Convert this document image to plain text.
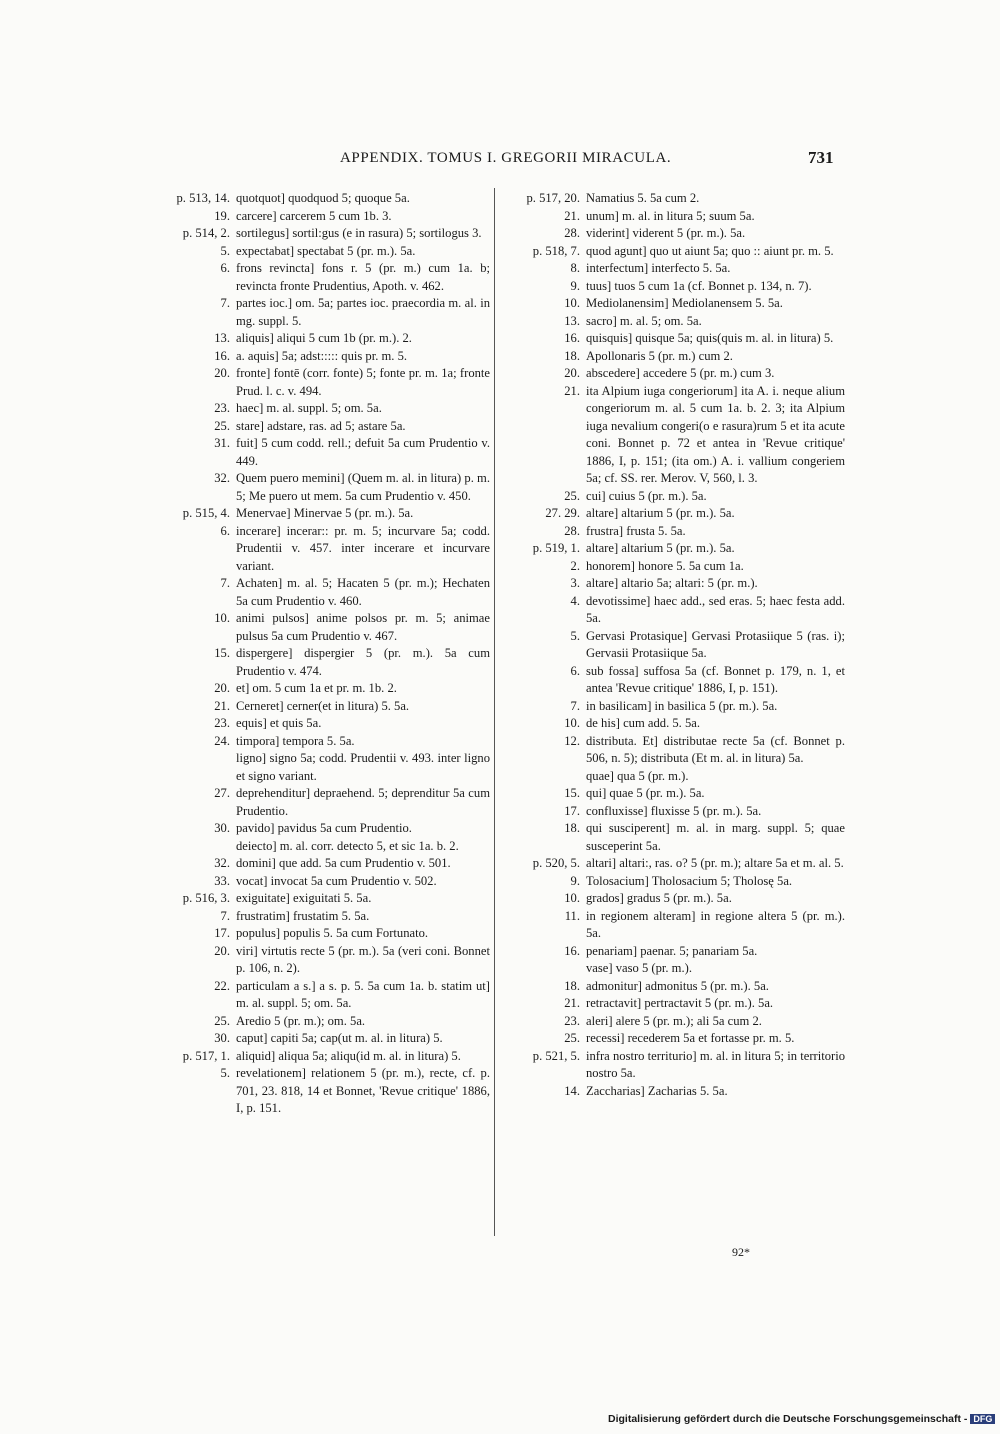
APPENDIX. TOMUS I. GREGORII MIRACULA.	731
p. 513, 14. quotquot] quodquod 5; quoque 5a.
19. carcere] carcerem 5 cum 1b. 3.
p. 514, 2. sortilegus] sortil:gus (e in rasura) 5; sortilogus 3.
5. expectabat] spectabat 5 (pr. m.). 5a.
6. frons revincta] fons r. 5 (pr. m.) cum 1a. b; revincta fronte Prudentius, Apoth. v. 462.
7. partes ioc.] om. 5a; partes ioc. praecordia m. al. in mg. suppl. 5.
13. aliquis] aliqui 5 cum 1b (pr. m.). 2.
16. a. aquis] 5a; adst::::: quis pr. m. 5.
20. fronte] fontē (corr. fonte) 5; fonte pr. m. 1a; fronte Prud. l. c. v. 494.
23. haec] m. al. suppl. 5; om. 5a.
25. stare] adstare, ras. ad 5; astare 5a.
31. fuit] 5 cum codd. rell.; defuit 5a cum Prudentio v. 449.
32. Quem puero memini] (Quem m. al. in litura) p. m. 5; Me puero ut mem. 5a cum Prudentio v. 450.
p. 515, 4. Menervae] Minervae 5 (pr. m.). 5a.
6. incerare] incerar:: pr. m. 5; incurvare 5a; codd. Prudentii v. 457. inter incerare et incurvare variant.
7. Achaten] m. al. 5; Hacaten 5 (pr. m.); Hechaten 5a cum Prudentio v. 460.
10. animi pulsos] anime polsos pr. m. 5; animae pulsus 5a cum Prudentio v. 467.
15. dispergere] dispergier 5 (pr. m.). 5a cum Prudentio v. 474.
20. et] om. 5 cum 1a et pr. m. 1b. 2.
21. Cerneret] cerner(et in litura) 5. 5a.
23. equis] et quis 5a.
24. timpora] tempora 5. 5a.
ligno] signo 5a; codd. Prudentii v. 493. inter ligno et signo variant.
27. deprehenditur] depraehend. 5; deprenditur 5a cum Prudentio.
30. pavido] pavidus 5a cum Prudentio.
deiecto] m. al. corr. detecto 5, et sic 1a. b. 2.
32. domini] que add. 5a cum Prudentio v. 501.
33. vocat] invocat 5a cum Prudentio v. 502.
p. 516, 3. exiguitate] exiguitati 5. 5a.
7. frustratim] frustatim 5. 5a.
17. populus] populis 5. 5a cum Fortunato.
20. viri] virtutis recte 5 (pr. m.). 5a (veri coni. Bonnet p. 106, n. 2).
22. particulam a s.] a s. p. 5. 5a cum 1a. b. statim ut] m. al. suppl. 5; om. 5a.
25. Aredio 5 (pr. m.); om. 5a.
30. caput] capiti 5a; cap(ut m. al. in litura) 5.
p. 517, 1. aliquid] aliqua 5a; aliqu(id m. al. in litura) 5.
5. revelationem] relationem 5 (pr. m.), recte, cf. p. 701, 23. 818, 14 et Bonnet, 'Revue critique' 1886, I, p. 151.
p. 517, 20. Namatius 5. 5a cum 2.
21. unum] m. al. in litura 5; suum 5a.
28. viderint] viderent 5 (pr. m.). 5a.
p. 518, 7. quod agunt] quo ut aiunt 5a; quo :: aiunt pr. m. 5.
8. interfectum] interfecto 5. 5a.
9. tuus] tuos 5 cum 1a (cf. Bonnet p. 134, n. 7).
10. Mediolanensim] Mediolanensem 5. 5a.
13. sacro] m. al. 5; om. 5a.
16. quisquis] quisque 5a; quis(quis m. al. in litura) 5.
18. Apollonaris 5 (pr. m.) cum 2.
20. abscedere] accedere 5 (pr. m.) cum 3.
21. ita Alpium iuga congeriorum] ita A. i. neque alium congeriorum m. al. 5 cum 1a. b. 2. 3; ita Alpium iuga nevalium congeri(o e rasura)rum 5 et ita acute coni. Bonnet p. 72 et antea in 'Revue critique' 1886, I, p. 151; (ita om.) A. i. vallium congeriem 5a; cf. SS. rer. Merov. V, 560, l. 3.
25. cui] cuius 5 (pr. m.). 5a.
27. 29. altare] altarium 5 (pr. m.). 5a.
28. frustra] frusta 5. 5a.
p. 519, 1. altare] altarium 5 (pr. m.). 5a.
2. honorem] honore 5. 5a cum 1a.
3. altare] altario 5a; altari: 5 (pr. m.).
4. devotissime] haec add., sed eras. 5; haec festa add. 5a.
5. Gervasi Protasique] Gervasi Protasiique 5 (ras. i); Gervasii Protasiique 5a.
6. sub fossa] suffosa 5a (cf. Bonnet p. 179, n. 1, et antea 'Revue critique' 1886, I, p. 151).
7. in basilicam] in basilica 5 (pr. m.). 5a.
10. de his] cum add. 5. 5a.
12. distributa. Et] distributae recte 5a (cf. Bonnet p. 506, n. 5); distributa (Et m. al. in litura) 5a.
quae] qua 5 (pr. m.).
15. qui] quae 5 (pr. m.). 5a.
17. confluxisse] fluxisse 5 (pr. m.). 5a.
18. qui susciperent] m. al. in marg. suppl. 5; quae susceperint 5a.
p. 520, 5. altari] altari:, ras. o? 5 (pr. m.); altare 5a et m. al. 5.
9. Tolosacium] Tholosacium 5; Tholosę 5a.
10. grados] gradus 5 (pr. m.). 5a.
11. in regionem alteram] in regione altera 5 (pr. m.). 5a.
16. penariam] paenar. 5; panariam 5a.
vase] vaso 5 (pr. m.).
18. admonitur] admonitus 5 (pr. m.). 5a.
21. retractavit] pertractavit 5 (pr. m.). 5a.
23. aleri] alere 5 (pr. m.); ali 5a cum 2.
25. recessi] recederem 5a et fortasse pr. m. 5.
p. 521, 5. infra nostro territurio] m. al. in litura 5; in territorio nostro 5a.
14. Zaccharias] Zacharias 5. 5a.
92*
Digitalisierung gefördert durch die Deutsche Forschungsgemeinschaft - DFG
